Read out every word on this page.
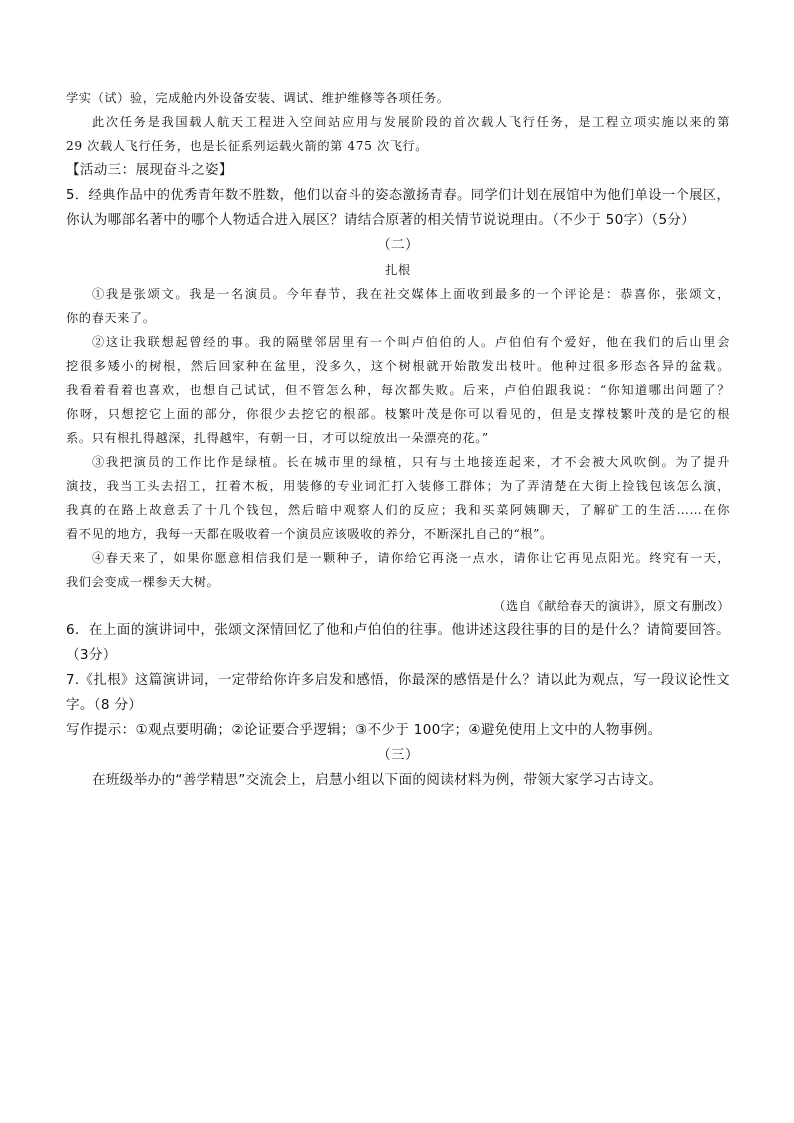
学实（试）验，完成舱内外设备安装、调试、维护维修等各项任务。
此次任务是我国载人航天工程进入空间站应用与发展阶段的首次载人飞行任务，是工程立项实施以来的第
29 次载人飞行任务，也是长征系列运载火箭的第 475 次飞行。
【活动三：展现奋斗之姿】
5．经典作品中的优秀青年数不胜数，他们以奋斗的姿态激扬青春。同学们计划在展馆中为他们单设一个展区，
你认为哪部名著中的哪个人物适合进入展区？请结合原著的相关情节说说理由。（不少于 50字）（5分）
（二）
扎根
①我是张颂文。我是一名演员。今年春节，我在社交媒体上面收到最多的一个评论是：恭喜你，张颂文，
你的春天来了。
②这让我联想起曾经的事。我的隔壁邻居里有一个叫卢伯伯的人。卢伯伯有个爱好，他在我们的后山里会
挖很多矮小的树根，然后回家种在盆里，没多久，这个树根就开始散发出枝叶。他种过很多形态各异的盆栽。
我看着看着也喜欢，也想自己试试，但不管怎么种，每次都失败。后来，卢伯伯跟我说：“你知道哪出问题了？
你呀，只想挖它上面的部分，你很少去挖它的根部。枝繁叶茂是你可以看见的，但是支撑枝繁叶茂的是它的根
系。只有根扎得越深，扎得越牢，有朝一日，才可以绽放出一朵漂亮的花。”
③我把演员的工作比作是绿植。长在城市里的绿植，只有与土地接连起来，才不会被大风吹倒。为了提升
演技，我当工头去招工，扛着木板，用装修的专业词汇打入装修工群体；为了弄清楚在大街上捡钱包该怎么演，
我真的在路上故意丢了十几个钱包，然后暗中观察人们的反应；我和买菜阿姨聊天，了解矿工的生活……在你
看不见的地方，我每一天都在吸收着一个演员应该吸收的养分，不断深扎自己的“根”。
④春天来了，如果你愿意相信我们是一颗种子，请你给它再浇一点水，请你让它再见点阳光。终究有一天，
我们会变成一棵参天大树。
（选自《献给春天的演讲》，原文有删改）
6．在上面的演讲词中，张颂文深情回忆了他和卢伯伯的往事。他讲述这段往事的目的是什么？请简要回答。
（3分）
7.《扎根》这篇演讲词，一定带给你许多启发和感悟，你最深的感悟是什么？请以此为观点，写一段议论性文
字。（8 分）
写作提示：①观点要明确；②论证要合乎逻辑；③不少于 100字；④避免使用上文中的人物事例。
（三）
在班级举办的“善学精思”交流会上，启慧小组以下面的阅读材料为例，带领大家学习古诗文。
